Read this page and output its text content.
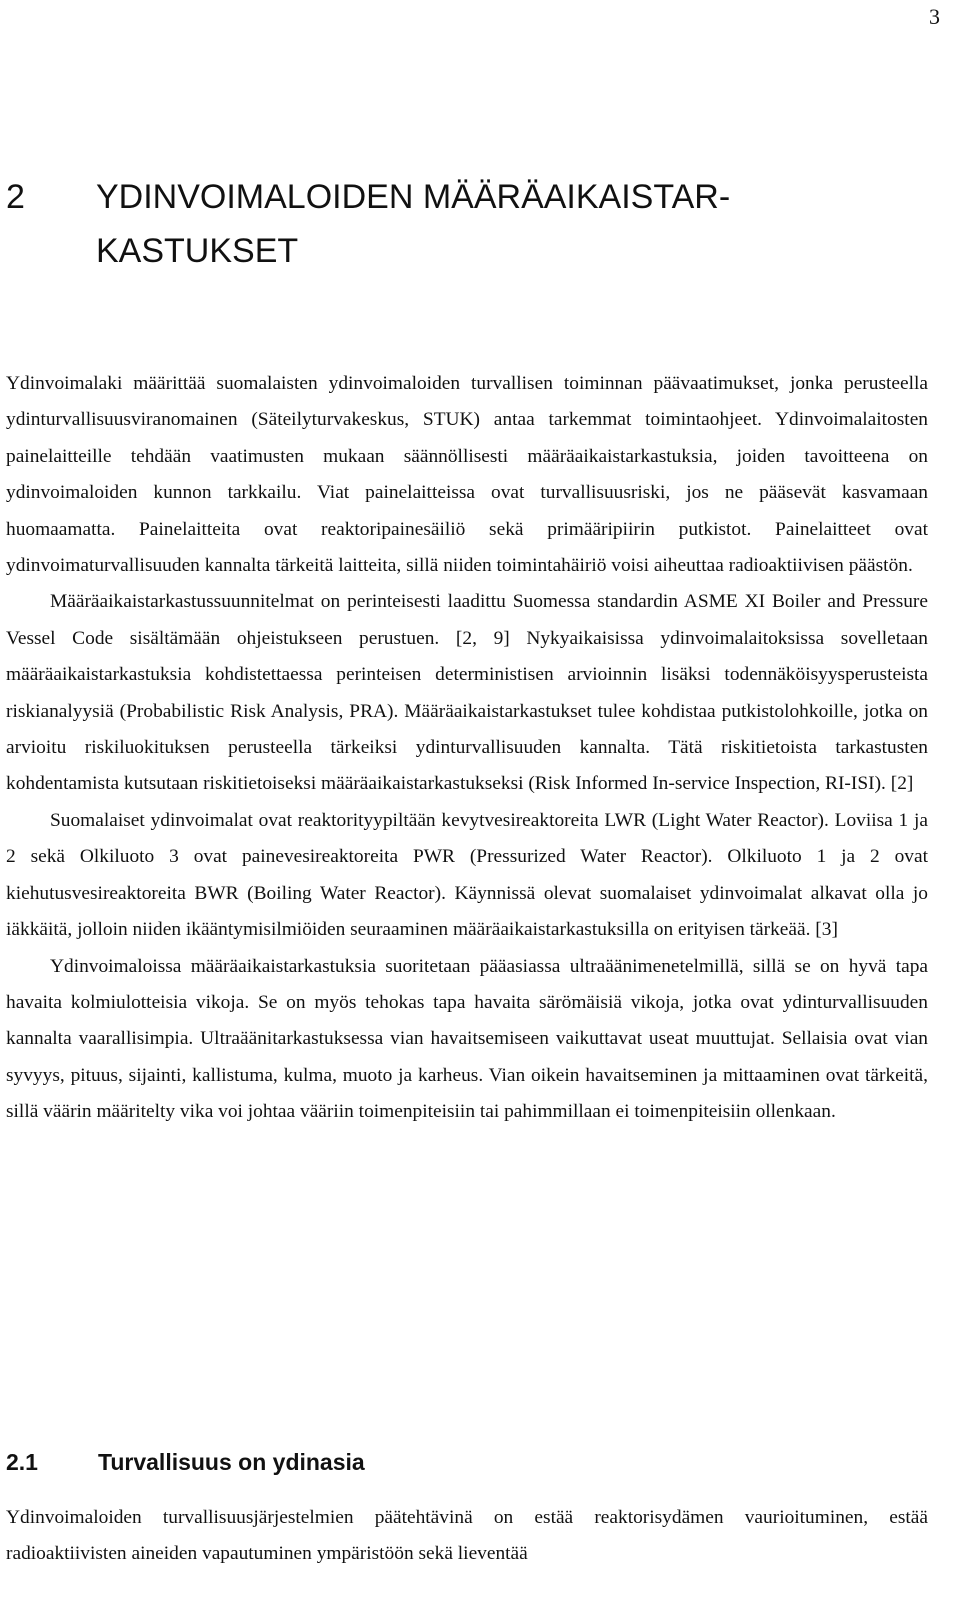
3
2	YDINVOIMALOIDEN MÄÄRÄAIKAISTAR-KASTUKSET

Ydinvoimalaki määrittää suomalaisten ydinvoimaloiden turvallisen toiminnan päävaatimukset, jonka perusteella ydinturvallisuusviranomainen (Säteilyturvakeskus, STUK) antaa tarkemmat toimintaohjeet. Ydinvoimalaitosten painelaitteille tehdään vaatimusten mukaan säännöllisesti määräaikaistarkastuksia, joiden tavoitteena on ydinvoimaloiden kunnon tarkkailu. Viat painelaitteissa ovat turvallisuusriski, jos ne pääsevät kasvamaan huomaamatta. Painelaitteita ovat reaktoripainesäiliö sekä primääripiirin putkistot. Painelaitteet ovat ydinvoimaturvallisuuden kannalta tärkeitä laitteita, sillä niiden toimintahäiriö voisi aiheuttaa radioaktiivisen päästön.

Määräaikaistarkastussuunnitelmat on perinteisesti laadittu Suomessa standardin ASME XI Boiler and Pressure Vessel Code sisältämään ohjeistukseen perustuen. [2, 9] Nykyaikaisissa ydinvoimalaitoksissa sovelletaan määräaikaistarkastuksia kohdistettaessa perinteisen deterministisen arvioinnin lisäksi todennäköisyysperusteista riskianalyysiä (Probabilistic Risk Analysis, PRA). Määräaikaistarkastukset tulee kohdistaa putkistolohkoille, jotka on arvioitu riskiluokituksen perusteella tärkeiksi ydinturvallisuuden kannalta. Tätä riskitietoista tarkastusten kohdentamista kutsutaan riskitietoiseksi määräaikaistarkastukseksi (Risk Informed In-service Inspection, RI-ISI). [2]

Suomalaiset ydinvoimalat ovat reaktorityypiltään kevytvesireaktoreita LWR (Light Water Reactor). Loviisa 1 ja 2 sekä Olkiluoto 3 ovat painevesireaktoreita PWR (Pressurized Water Reactor). Olkiluoto 1 ja 2 ovat kiehutusvesireaktoreita BWR (Boiling Water Reactor). Käynnissä olevat suomalaiset ydinvoimalat alkavat olla jo iäkkäitä, jolloin niiden ikääntymisilmiöiden seuraaminen määräaikaistarkastuksilla on erityisen tärkeää. [3]

Ydinvoimaloissa määräaikaistarkastuksia suoritetaan pääasiassa ultraäänimenetelmillä, sillä se on hyvä tapa havaita kolmiulotteisia vikoja. Se on myös tehokas tapa havaita särömäisiä vikoja, jotka ovat ydinturvallisuuden kannalta vaarallisimpia. Ultraäänitarkastuksessa vian havaitsemiseen vaikuttavat useat muuttujat. Sellaisia ovat vian syvyys, pituus, sijainti, kallistuma, kulma, muoto ja karheus. Vian oikein havaitseminen ja mittaaminen ovat tärkeitä, sillä väärin määritelty vika voi johtaa vääriin toimenpiteisiin tai pahimmillaan ei toimenpiteisiin ollenkaan.

2.1	Turvallisuus on ydinasia

Ydinvoimaloiden turvallisuusjärjestelmien päätehtävinä on estää reaktorisydämen vaurioituminen, estää radioaktiivisten aineiden vapautuminen ympäristöön sekä lieventää
